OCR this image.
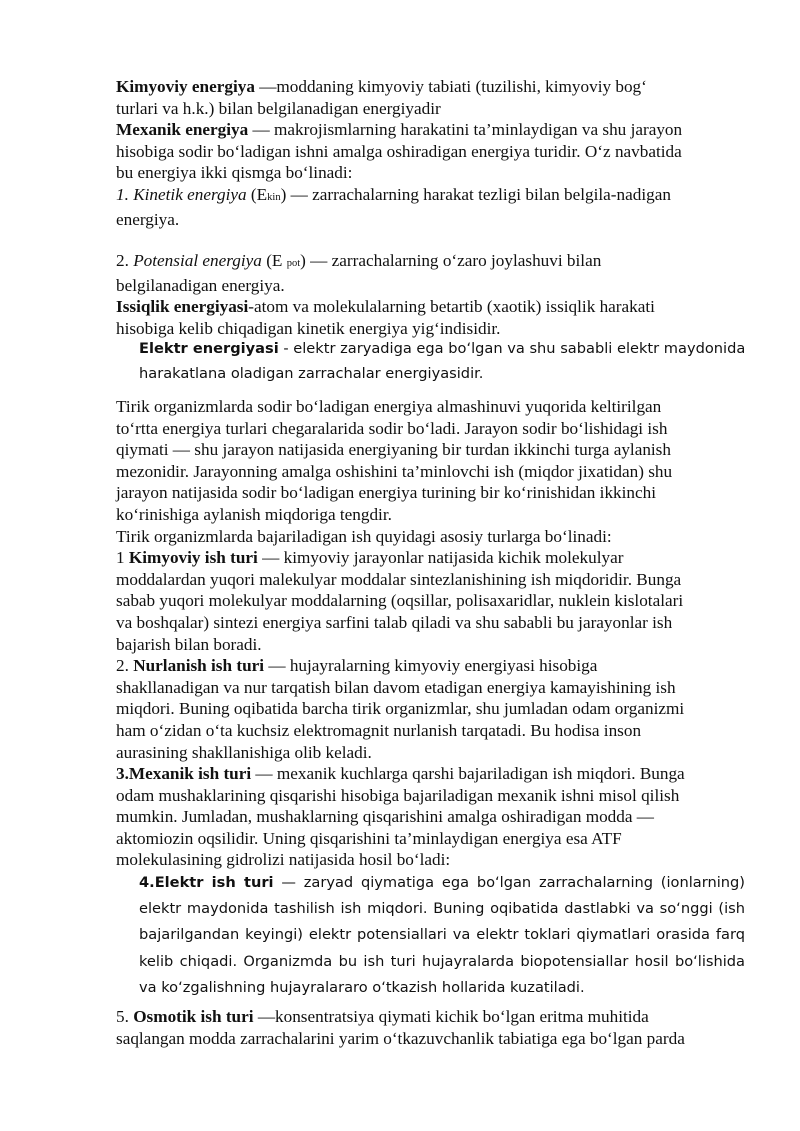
Kimyoviy energiya —moddaning kimyoviy tabiati (tuzilishi, kimyoviy bog‘
turlari va h.k.) bilan belgilanadigan energiyadir
Mexanik energiya — makrojismlarning harakatini ta’minlaydigan va shu jarayon
hisobiga sodir bo‘ladigan ishni amalga oshiradigan energiya turidir. O‘z navbatida
bu energiya ikki qismga bo‘linadi:
1. Kinetik energiya (Ekin) — zarrachalarning harakat tezligi bilan belgila-nadigan
energiya.
2. Potensial energiya (E pot) — zarrachalarning o‘zaro joylashuvi bilan
belgilanadigan energiya.
Issiqlik energiyasi-atom va molekulalarning betartib (xaotik) issiqlik harakati
hisobiga kelib chiqadigan kinetik energiya yig‘indisidir.
Elektr energiyasi - elektr zaryadiga ega bo‘lgan va shu sababli elektr maydonida
harakatlana oladigan zarrachalar energiyasidir.
Tirik organizmlarda sodir bo‘ladigan energiya almashinuvi yuqorida keltirilgan
to‘rtta energiya turlari chegaralarida sodir bo‘ladi. Jarayon sodir bo‘lishidagi ish
qiymati — shu jarayon natijasida energiyaning bir turdan ikkinchi turga aylanish
mezonidir. Jarayonning amalga oshishini ta’minlovchi ish (miqdor jixatidan) shu
jarayon natijasida sodir bo‘ladigan energiya turining bir ko‘rinishidan ikkinchi
ko‘rinishiga aylanish miqdoriga tengdir.
Tirik organizmlarda bajariladigan ish quyidagi asosiy turlarga bo‘linadi:
1 Kimyoviy ish turi — kimyoviy jarayonlar natijasida kichik molekulyar
moddalardan yuqori malekulyar moddalar sintezlanishining ish miqdoridir. Bunga
sabab yuqori molekulyar moddalarning (oqsillar, polisaxaridlar, nuklein kislotalari
va boshqalar) sintezi energiya sarfini talab qiladi va shu sababli bu jarayonlar ish
bajarish bilan boradi.
2. Nurlanish ish turi — hujayralarning kimyoviy energiyasi hisobiga
shakllanadigan va nur tarqatish bilan davom etadigan energiya kamayishining ish
miqdori. Buning oqibatida barcha tirik organizmlar, shu jumladan odam organizmi
ham o‘zidan o‘ta kuchsiz elektromagnit nurlanish tarqatadi. Bu hodisa inson
aurasining shakllanishiga olib keladi.
3.Mexanik ish turi — mexanik kuchlarga qarshi bajariladigan ish miqdori. Bunga
odam mushaklarining qisqarishi hisobiga bajariladigan mexanik ishni misol qilish
mumkin. Jumladan, mushaklarning qisqarishini amalga oshiradigan modda —
aktomiozin oqsilidir. Uning qisqarishini ta’minlaydigan energiya esa ATF
molekulasining gidrolizi natijasida hosil bo‘ladi:
4.Elektr ish turi — zaryad qiymatiga ega bo‘lgan zarrachalarning (ionlarning) elektr maydonida tashilish ish miqdori. Buning oqibatida dastlabki va so‘nggi (ish bajarilgandan keyingi) elektr potensiallari va elektr toklari qiymatlari orasida farq kelib chiqadi. Organizmda bu ish turi hujayralarda biopotensiallar hosil bo‘lishida va ko‘zgalishning hujayralararo o‘tkazish hollarida kuzatiladi.
5. Osmotik ish turi —konsentratsiya qiymati kichik bo‘lgan eritma muhitida
saqlangan modda zarrachalarini yarim o‘tkazuvchanlik tabiatiga ega bo‘lgan parda
